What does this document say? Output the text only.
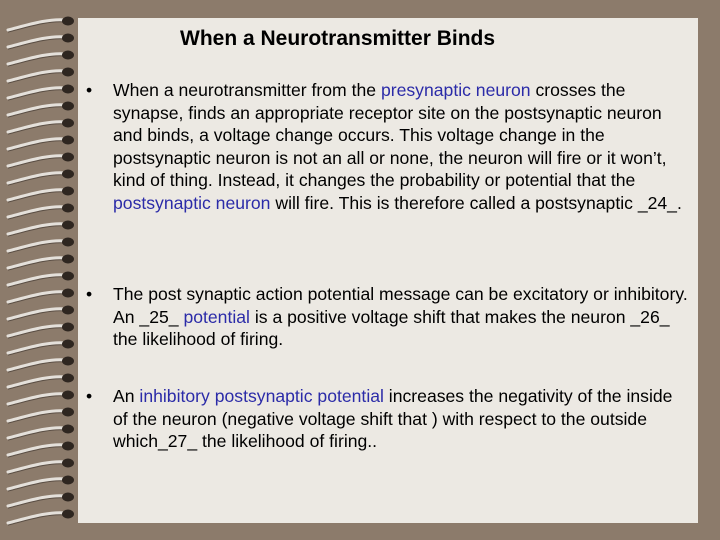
When a Neurotransmitter Binds
•	When a neurotransmitter from the presynaptic neuron crosses the synapse, finds an appropriate receptor site on the postsynaptic neuron and binds, a voltage change occurs. This voltage change in the postsynaptic neuron is not an all or none, the neuron will fire or it won’t, kind of thing. Instead, it changes the probability or potential that the postsynaptic neuron will fire. This is therefore called a postsynaptic _24_.
•	The post synaptic action potential message can be excitatory or inhibitory. An _25_ potential is a positive voltage shift that makes the neuron _26_ the likelihood of firing.
•	An inhibitory postsynaptic potential increases the negativity of the inside of the neuron (negative voltage shift that ) with respect to the outside which_27_ the likelihood of firing..
